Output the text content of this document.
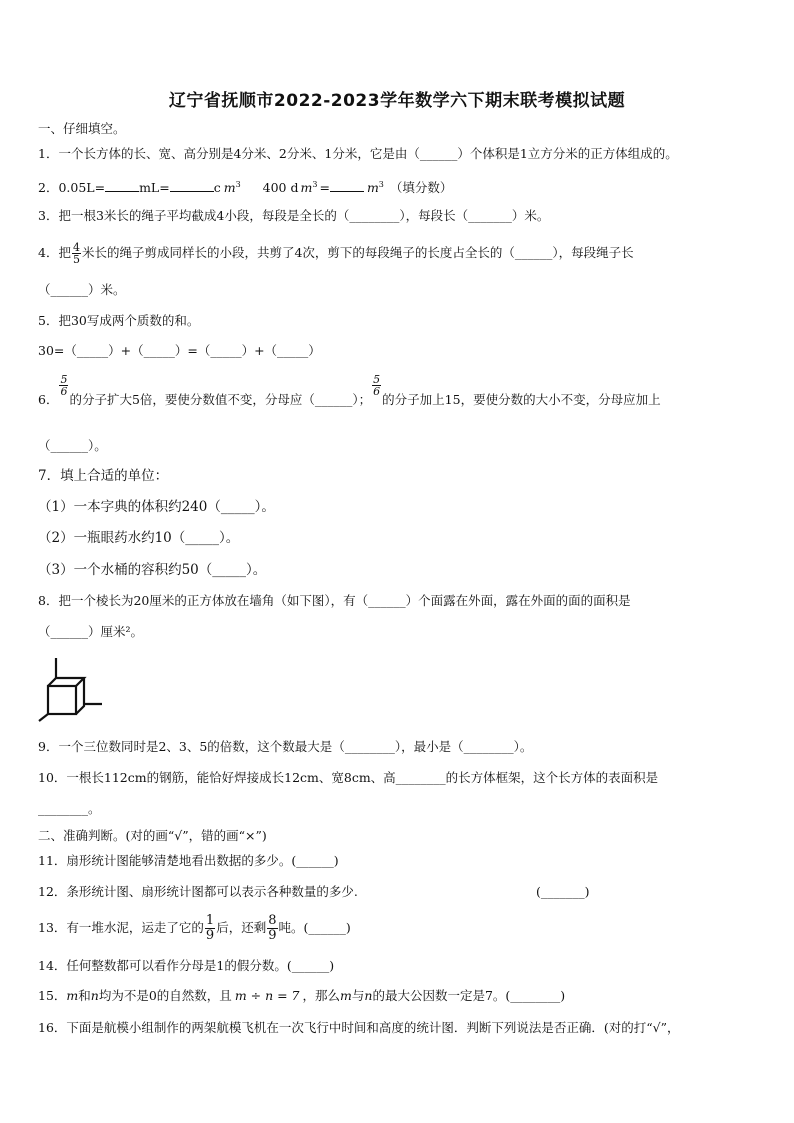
辽宁省抚顺市2022-2023学年数学六下期末联考模拟试题
一、仔细填空。
1．一个长方体的长、宽、高分别是4分米、2分米、1分米，它是由（______）个体积是1立方分米的正方体组成的。
2．0.05L=	mL=	c $m^3$ 400 d $m^3$ =	$m^3$ （填分数）
3．把一根3米长的绳子平均截成4小段，每段是全长的（________），每段长（_______）米。
4．把 $\frac{4}{5}$ 米长的绳子剪成同样长的小段，共剪了4次，剪下的每段绳子的长度占全长的（______），每段绳子长
（______）米。
5．把30写成两个质数的和。
30=（_____）+（_____）=（_____）+（_____）
6．
$\frac{5}{6}$
的分子扩大5倍，要使分数值不变，分母应（______）；
$\frac{5}{6}$
的分子加上15，要使分数的大小不变，分母应加上
（______）。
7．填上合适的单位：
（1）一本字典的体积约240（_____）。
（2）一瓶眼药水约10（_____）。
（3）一个水桶的容积约50（_____）。
8．把一个棱长为20厘米的正方体放在墙角（如下图），有（______）个面露在外面，露在外面的面的面积是
（______）厘米²。
9．一个三位数同时是2、3、5的倍数，这个数最大是（________），最小是（________）。
10．一根长112cm的钢筋，能恰好焊接成长12cm、宽8cm、高________的长方体框架，这个长方体的表面积是
________。
二、准确判断。(对的画“√”，错的画“×”)
11．扇形统计图能够清楚地看出数据的多少。(______)
12．条形统计图、扇形统计图都可以表示各种数量的多少.	(_______)
13．有一堆水泥，运走了它的 $\frac{1}{9}$ 后，还剩 $\frac{8}{9}$ 吨。(______)
14．任何整数都可以看作分母是1的假分数。(______)
15．m和n均为不是0的自然数，且 m ÷ n = 7 ，那么m与n的最大公因数一定是7。(________)
16．下面是航模小组制作的两架航模飞机在一次飞行中时间和高度的统计图．判断下列说法是否正确．(对的打“√”，
